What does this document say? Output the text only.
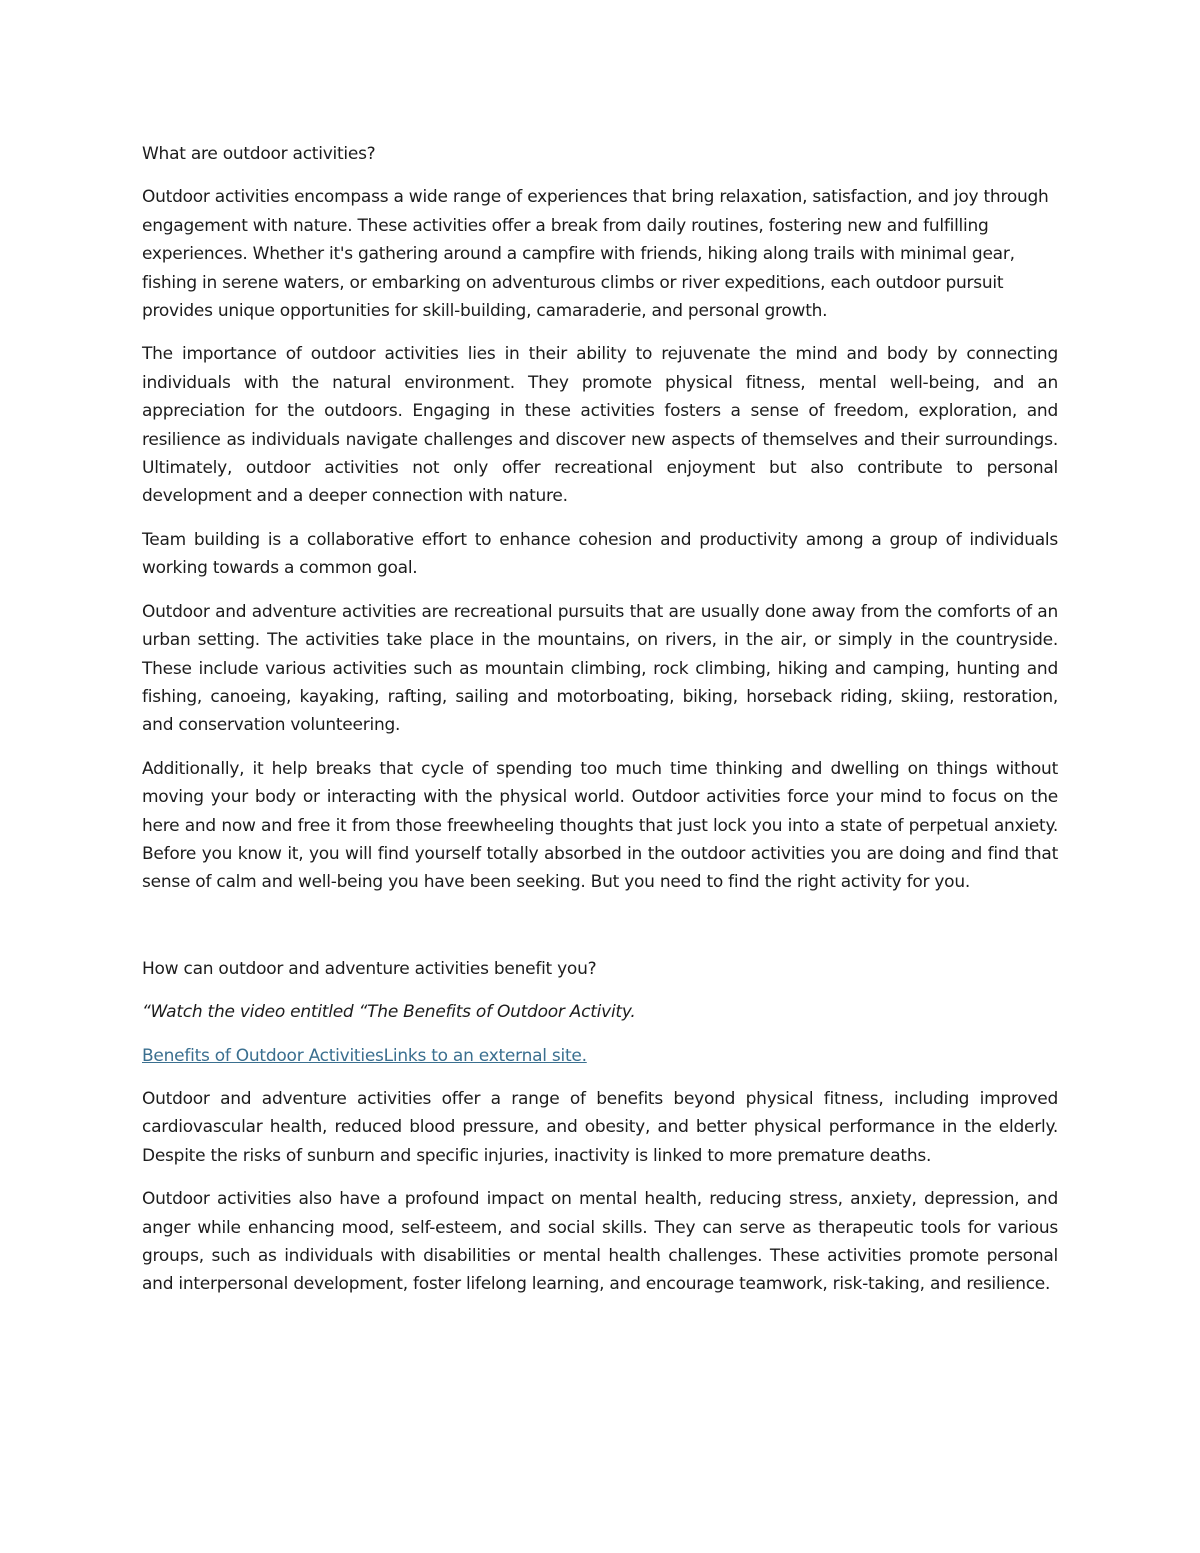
What are outdoor activities?

Outdoor activities encompass a wide range of experiences that bring relaxation, satisfaction, and joy through engagement with nature. These activities offer a break from daily routines, fostering new and fulfilling experiences. Whether it's gathering around a campfire with friends, hiking along trails with minimal gear, fishing in serene waters, or embarking on adventurous climbs or river expeditions, each outdoor pursuit provides unique opportunities for skill-building, camaraderie, and personal growth.

The importance of outdoor activities lies in their ability to rejuvenate the mind and body by connecting individuals with the natural environment. They promote physical fitness, mental well-being, and an appreciation for the outdoors. Engaging in these activities fosters a sense of freedom, exploration, and resilience as individuals navigate challenges and discover new aspects of themselves and their surroundings. Ultimately, outdoor activities not only offer recreational enjoyment but also contribute to personal development and a deeper connection with nature.

Team building is a collaborative effort to enhance cohesion and productivity among a group of individuals working towards a common goal.

Outdoor and adventure activities are recreational pursuits that are usually done away from the comforts of an urban setting. The activities take place in the mountains, on rivers, in the air, or simply in the countryside. These include various activities such as mountain climbing, rock climbing, hiking and camping, hunting and fishing, canoeing, kayaking, rafting, sailing and motorboating, biking, horseback riding, skiing, restoration, and conservation volunteering.

Additionally, it help breaks that cycle of spending too much time thinking and dwelling on things without moving your body or interacting with the physical world. Outdoor activities force your mind to focus on the here and now and free it from those freewheeling thoughts that just lock you into a state of perpetual anxiety. Before you know it, you will find yourself totally absorbed in the outdoor activities you are doing and find that sense of calm and well-being you have been seeking. But you need to find the right activity for you.

How can outdoor and adventure activities benefit you?

“Watch the video entitled “The Benefits of Outdoor Activity.

Benefits of Outdoor ActivitiesLinks to an external site.

Outdoor and adventure activities offer a range of benefits beyond physical fitness, including improved cardiovascular health, reduced blood pressure, and obesity, and better physical performance in the elderly. Despite the risks of sunburn and specific injuries, inactivity is linked to more premature deaths.

Outdoor activities also have a profound impact on mental health, reducing stress, anxiety, depression, and anger while enhancing mood, self-esteem, and social skills. They can serve as therapeutic tools for various groups, such as individuals with disabilities or mental health challenges. These activities promote personal and interpersonal development, foster lifelong learning, and encourage teamwork, risk-taking, and resilience.
